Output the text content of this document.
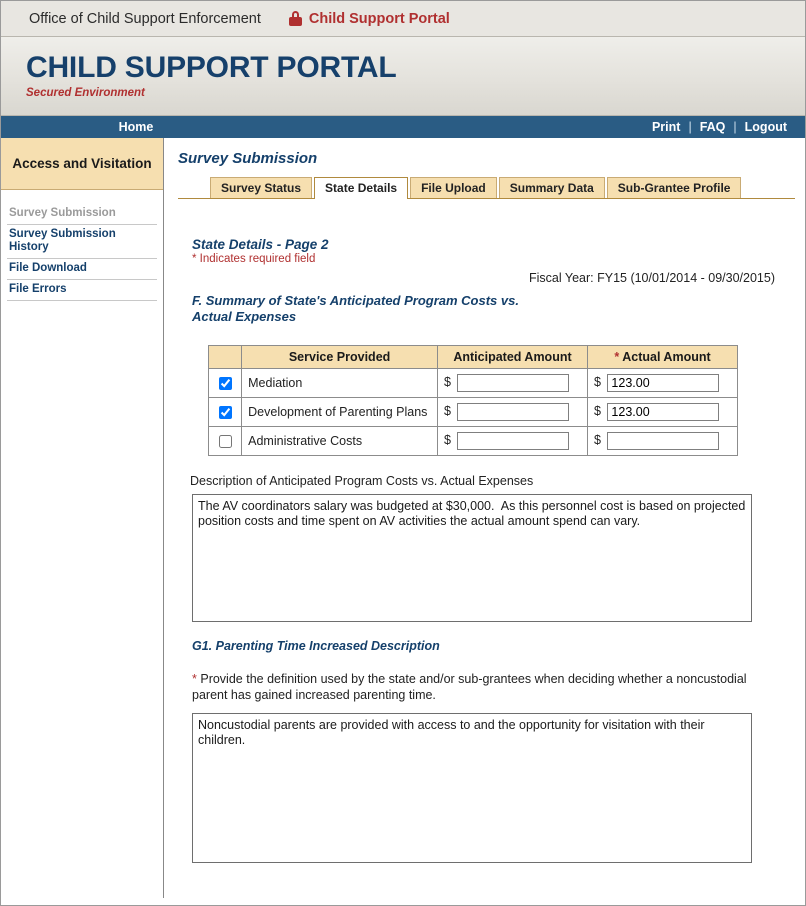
Office of Child Support Enforcement	Child Support Portal
CHILD SUPPORT PORTAL
Secured Environment
Home	Print | FAQ | Logout
Access and Visitation
Survey Submission
Survey Submission History
File Download
File Errors
Survey Submission
Survey Status	State Details	File Upload	Summary Data	Sub-Grantee Profile
State Details - Page 2
* Indicates required field
Fiscal Year: FY15 (10/01/2014 - 09/30/2015)
F. Summary of State's Anticipated Program Costs vs. Actual Expenses
	Service Provided	Anticipated Amount	* Actual Amount
	Mediation	$	$ 123.00
	Development of Parenting Plans	$	$ 123.00
	Administrative Costs	$	$
Description of Anticipated Program Costs vs. Actual Expenses
The AV coordinators salary was budgeted at $30,000. As this personnel cost is based on projected position costs and time spent on AV activities the actual amount spend can vary.
G1. Parenting Time Increased Description
* Provide the definition used by the state and/or sub-grantees when deciding whether a noncustodial parent has gained increased parenting time.
Noncustodial parents are provided with access to and the opportunity for visitation with their children.
